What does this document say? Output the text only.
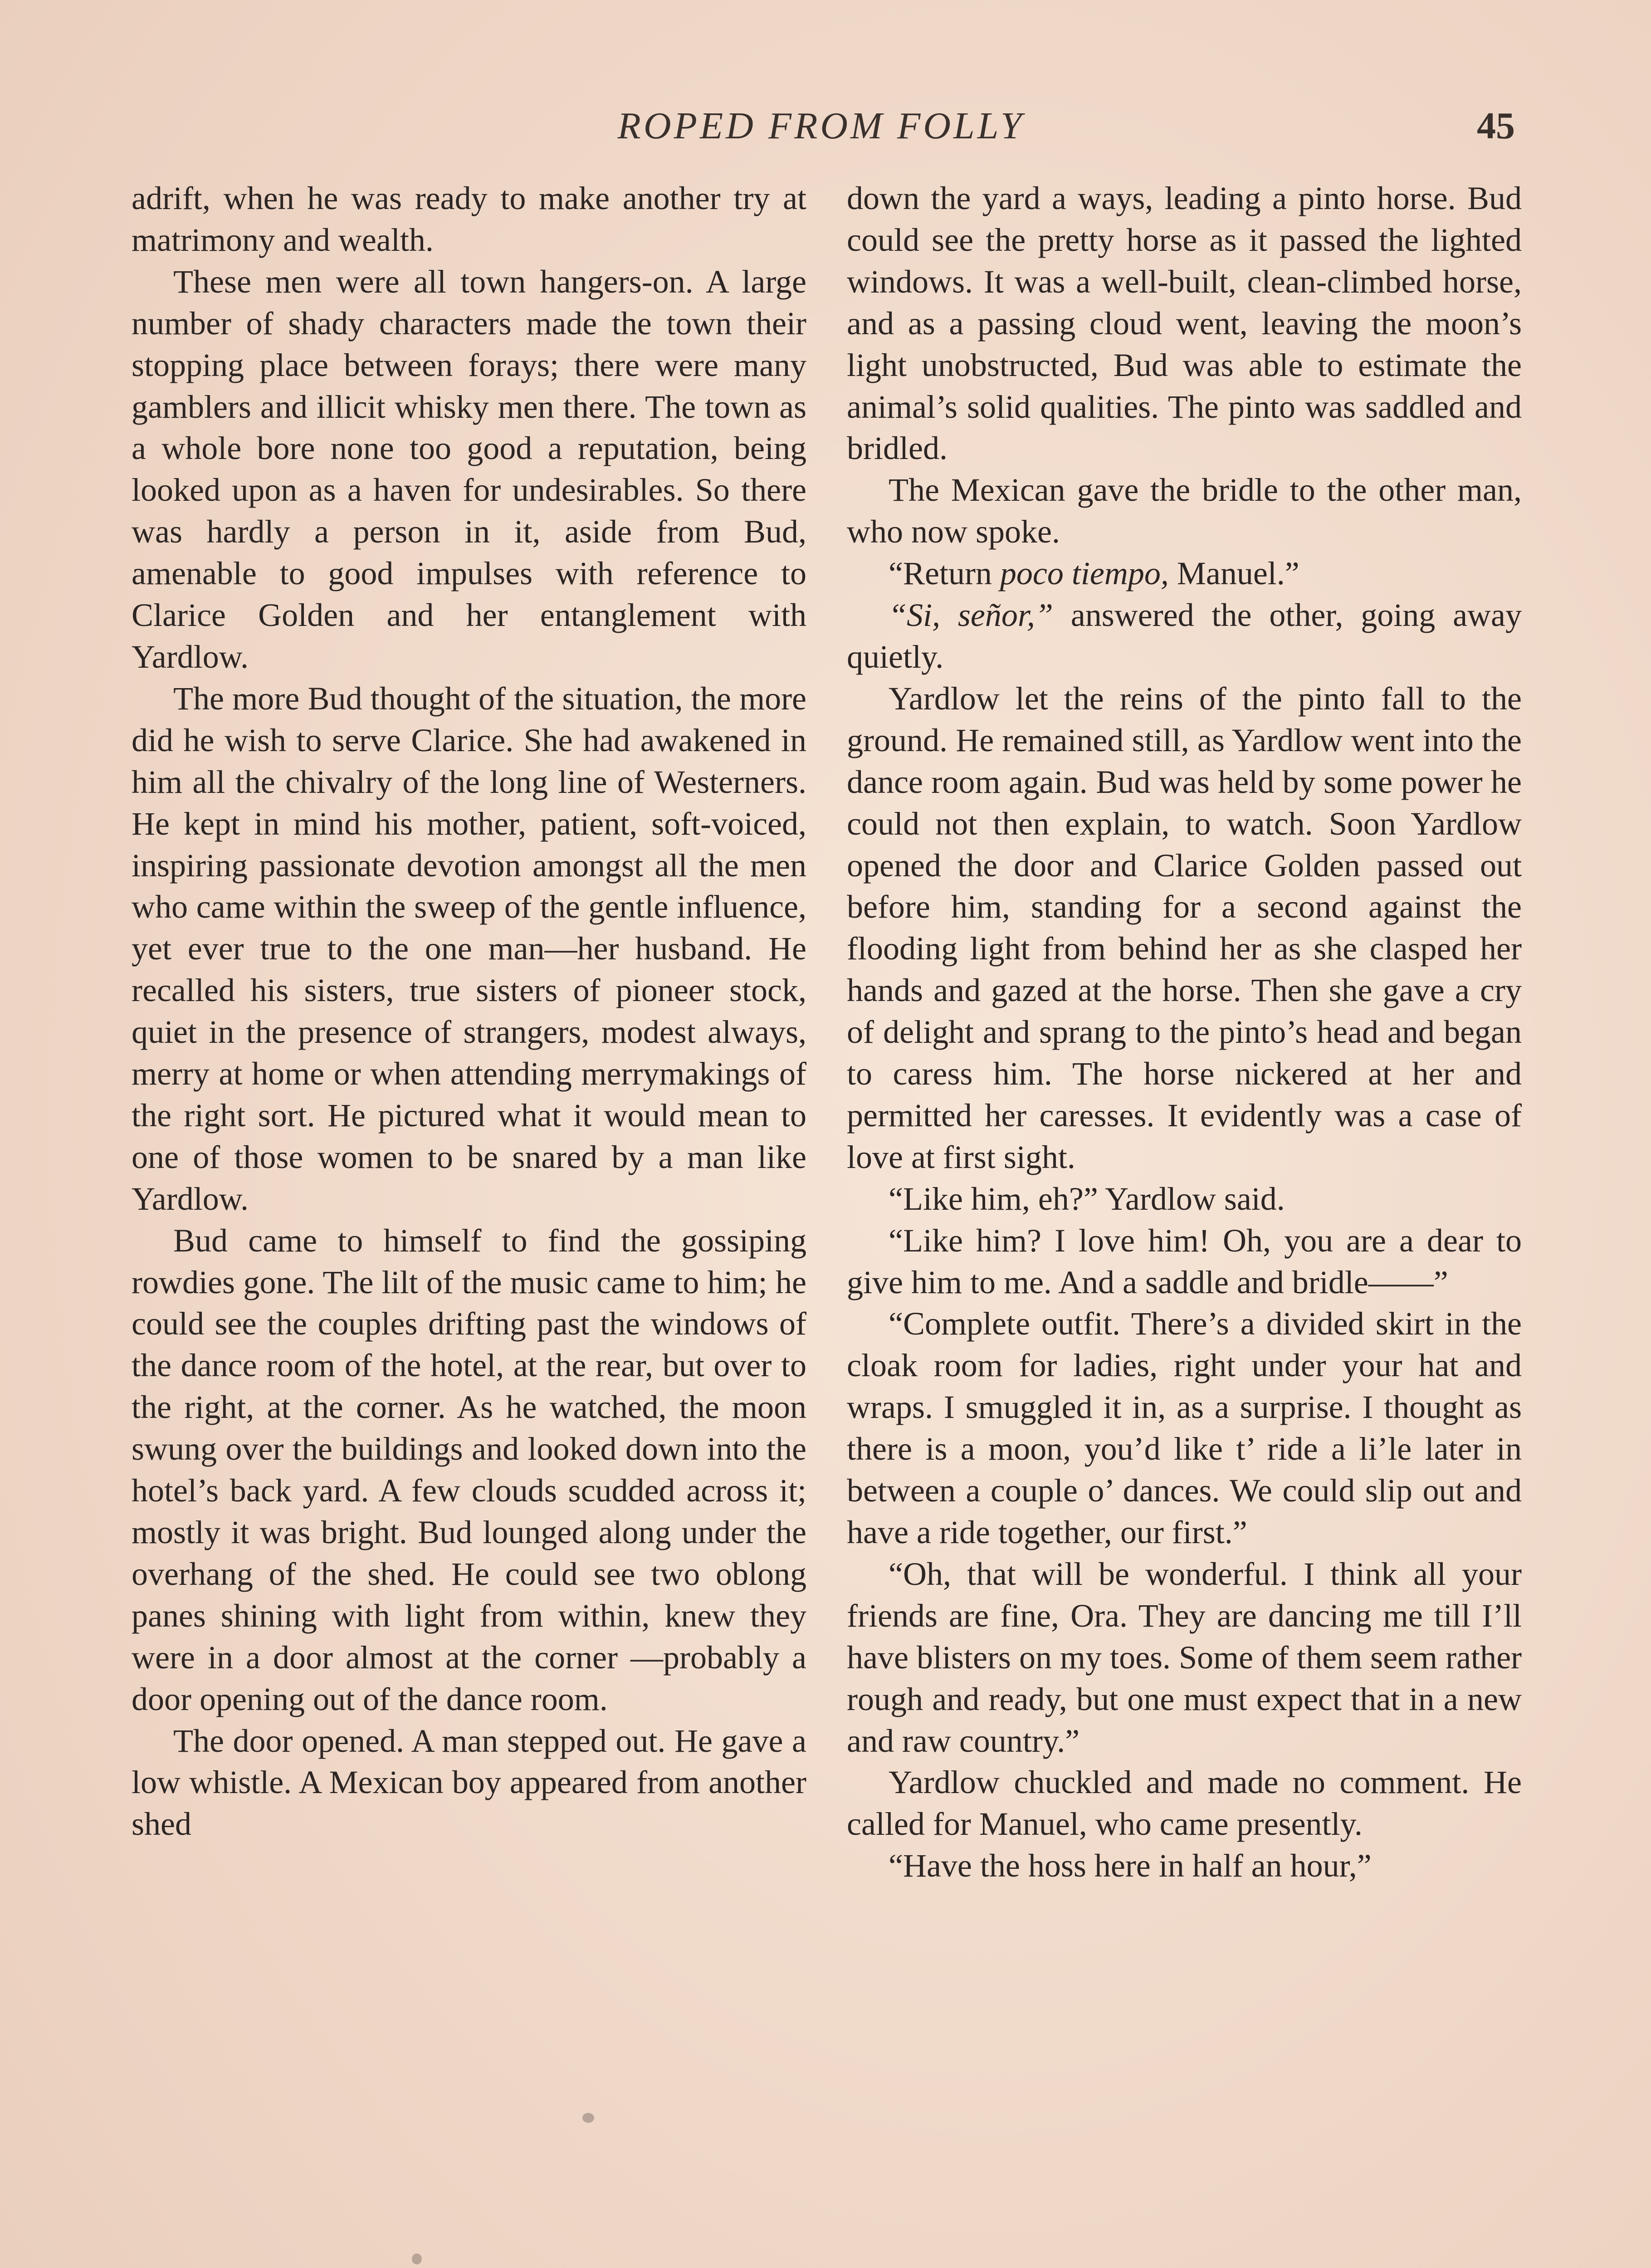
ROPED FROM FOLLY	45

adrift, when he was ready to make another try at matrimony and wealth.

These men were all town hangers-on. A large number of shady characters made the town their stopping place between forays; there were many gamblers and illicit whisky men there. The town as a whole bore none too good a reputation, being looked upon as a haven for undesirables. So there was hardly a person in it, aside from Bud, amenable to good impulses with reference to Clarice Golden and her entanglement with Yardlow.

The more Bud thought of the situation, the more did he wish to serve Clarice. She had awakened in him all the chivalry of the long line of Westerners. He kept in mind his mother, patient, soft-voiced, inspiring passionate devotion amongst all the men who came within the sweep of the gentle influence, yet ever true to the one man—her husband. He recalled his sisters, true sisters of pioneer stock, quiet in the presence of strangers, modest always, merry at home or when attending merrymakings of the right sort. He pictured what it would mean to one of those women to be snared by a man like Yardlow.

Bud came to himself to find the gossiping rowdies gone. The lilt of the music came to him; he could see the couples drifting past the windows of the dance room of the hotel, at the rear, but over to the right, at the corner. As he watched, the moon swung over the buildings and looked down into the hotel’s back yard. A few clouds scudded across it; mostly it was bright. Bud lounged along under the overhang of the shed. He could see two oblong panes shining with light from within, knew they were in a door almost at the corner —probably a door opening out of the dance room.

The door opened. A man stepped out. He gave a low whistle. A Mexican boy appeared from another shed

down the yard a ways, leading a pinto horse. Bud could see the pretty horse as it passed the lighted windows. It was a well-built, clean-climbed horse, and as a passing cloud went, leaving the moon’s light unobstructed, Bud was able to estimate the animal’s solid qualities. The pinto was saddled and bridled.

The Mexican gave the bridle to the other man, who now spoke.

“Return poco tiempo, Manuel.”

“Si, señor,” answered the other, going away quietly.

Yardlow let the reins of the pinto fall to the ground. He remained still, as Yardlow went into the dance room again. Bud was held by some power he could not then explain, to watch. Soon Yardlow opened the door and Clarice Golden passed out before him, standing for a second against the flooding light from behind her as she clasped her hands and gazed at the horse. Then she gave a cry of delight and sprang to the pinto’s head and began to caress him. The horse nickered at her and permitted her caresses. It evidently was a case of love at first sight.

“Like him, eh?” Yardlow said.

“Like him? I love him! Oh, you are a dear to give him to me. And a saddle and bridle——”

“Complete outfit. There’s a divided skirt in the cloak room for ladies, right under your hat and wraps. I smuggled it in, as a surprise. I thought as there is a moon, you’d like t’ ride a li’le later in between a couple o’ dances. We could slip out and have a ride together, our first.”

“Oh, that will be wonderful. I think all your friends are fine, Ora. They are dancing me till I’ll have blisters on my toes. Some of them seem rather rough and ready, but one must expect that in a new and raw country.”

Yardlow chuckled and made no comment. He called for Manuel, who came presently.

“Have the hoss here in half an hour,”
